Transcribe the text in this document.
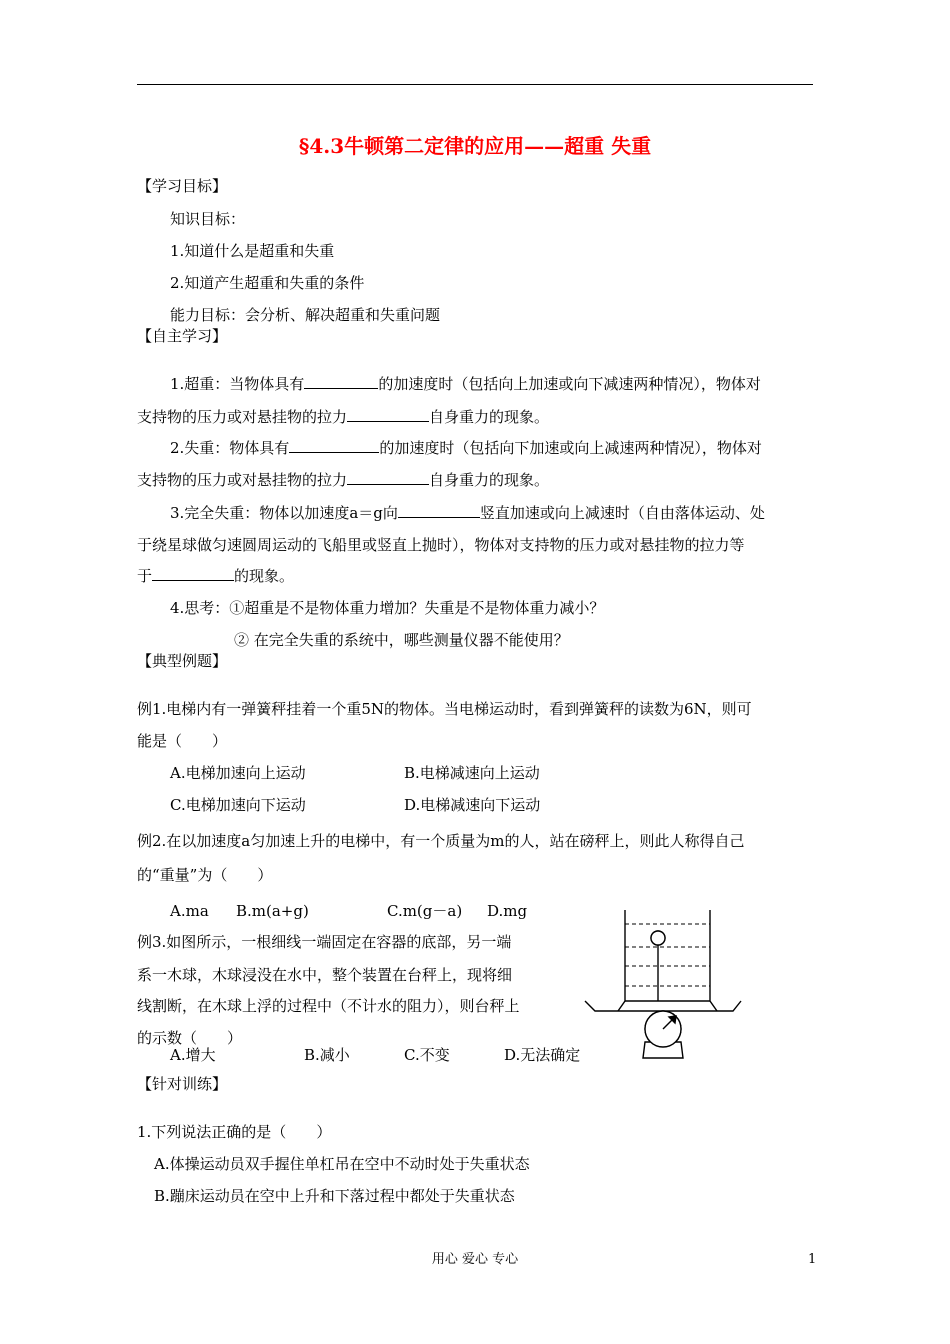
§4.3牛顿第二定律的应用——超重 失重
【学习目标】
知识目标：
1.知道什么是超重和失重
2.知道产生超重和失重的条件
能力目标：会分析、解决超重和失重问题
【自主学习】
1.超重：当物体具有	的加速度时（包括向上加速或向下减速两种情况），物体对
支持物的压力或对悬挂物的拉力	自身重力的现象。
2.失重：物体具有	的加速度时（包括向下加速或向上减速两种情况），物体对
支持物的压力或对悬挂物的拉力	自身重力的现象。
3.完全失重：物体以加速度a＝g向	竖直加速或向上减速时（自由落体运动、处
于绕星球做匀速圆周运动的飞船里或竖直上抛时），物体对支持物的压力或对悬挂物的拉力等
于	的现象。
4.思考：①超重是不是物体重力增加？失重是不是物体重力减小？
② 在完全失重的系统中，哪些测量仪器不能使用？
【典型例题】
例1.电梯内有一弹簧秤挂着一个重5N的物体。当电梯运动时，看到弹簧秤的读数为6N，则可
能是（　　）
A.电梯加速向上运动	B.电梯减速向上运动
C.电梯加速向下运动	D.电梯减速向下运动
例2.在以加速度a匀加速上升的电梯中，有一个质量为m的人，站在磅秤上，则此人称得自己
的“重量”为（　　）
A.ma B.m(a+g)	C.m(g－a) D.mg
例3.如图所示，一根细线一端固定在容器的底部，另一端
系一木球，木球浸没在水中，整个装置在台秤上，现将细
线割断，在木球上浮的过程中（不计水的阻力），则台秤上
的示数（　　）
A.增大	B.减小	C.不变	D.无法确定
【针对训练】
1.下列说法正确的是（　　）
A.体操运动员双手握住单杠吊在空中不动时处于失重状态
B.蹦床运动员在空中上升和下落过程中都处于失重状态
用心 爱心 专心	1
